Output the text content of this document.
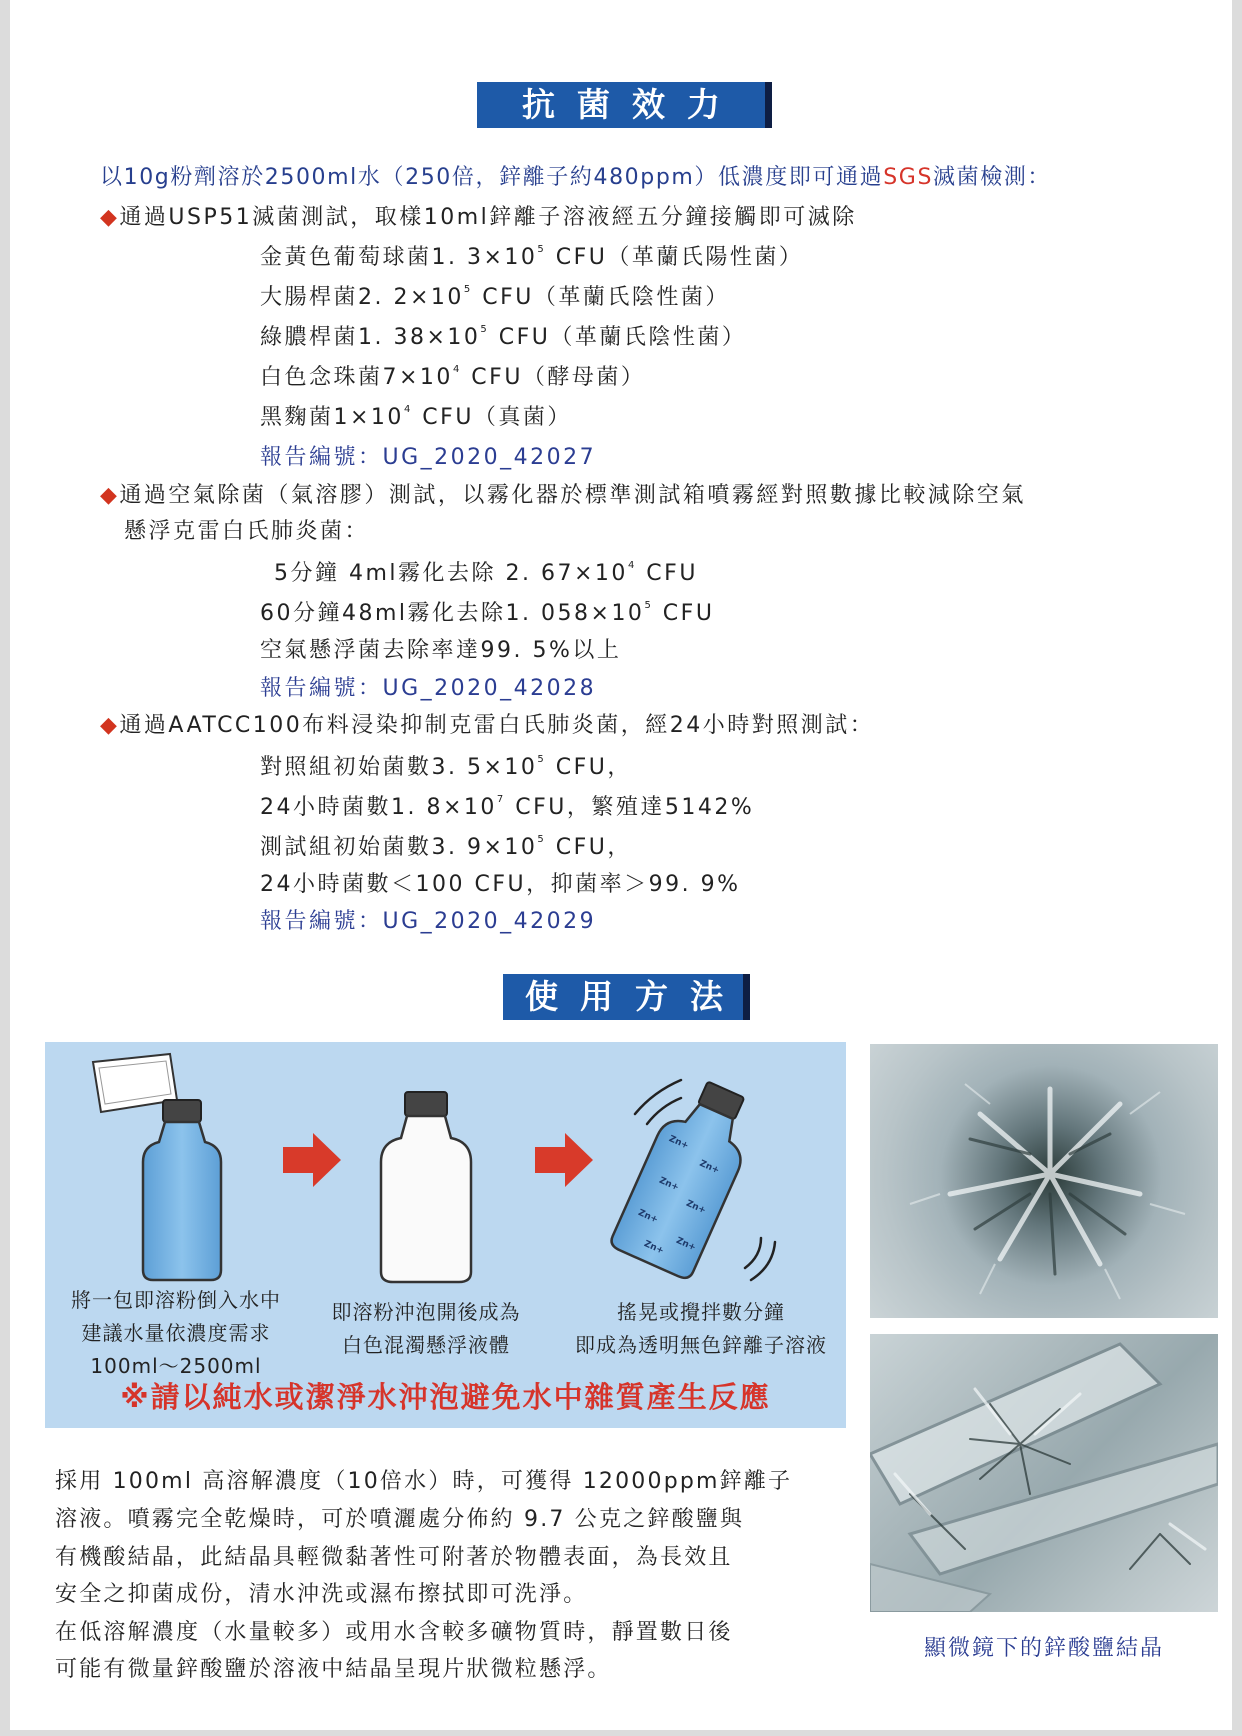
抗菌效力
以10g粉劑溶於2500ml水（250倍，鋅離子約480ppm）低濃度即可通過SGS滅菌檢測：
◆通過USP51滅菌測試，取樣10ml鋅離子溶液經五分鐘接觸即可滅除
金黃色葡萄球菌1. $3\times 10^5$ CFU（革蘭氏陽性菌）
大腸桿菌2. $2\times 10^5$ CFU（革蘭氏陰性菌）
綠膿桿菌1. $38\times 10^5$ CFU（革蘭氏陰性菌）
白色念珠菌$7\times 10^4$ CFU（酵母菌）
黑麴菌$1\times 10^4$ CFU（真菌）
報告編號：UG_2020_42027
◆通過空氣除菌（氣溶膠）測試，以霧化器於標準測試箱噴霧經對照數據比較減除空氣
懸浮克雷白氏肺炎菌：
5分鐘 4ml霧化去除 2. $67\times 10^4$ CFU
60分鐘48ml霧化去除1. $058\times 10^5$ CFU
空氣懸浮菌去除率達99. 5%以上
報告編號：UG_2020_42028
◆通過AATCC100布料浸染抑制克雷白氏肺炎菌，經24小時對照測試：
對照組初始菌數3. $5\times 10^5$ CFU，
24小時菌數1. $8\times 10^7$ CFU，繁殖達5142%
測試組初始菌數3. $9\times 10^5$ CFU，
24小時菌數＜100 CFU，抑菌率＞99. 9%
報告編號：UG_2020_42029
使用方法
Zn+
Zn+
Zn+
Zn+
Zn+
Zn+
Zn+
將一包即溶粉倒入水中
建議水量依濃度需求
100ml～2500ml
即溶粉沖泡開後成為
白色混濁懸浮液體
搖晃或攪拌數分鐘
即成為透明無色鋅離子溶液
※請以純水或潔淨水沖泡避免水中雜質產生反應
採用 100ml 高溶解濃度（10倍水）時，可獲得 12000ppm鋅離子
溶液。噴霧完全乾燥時，可於噴灑處分佈約 9.7 公克之鋅酸鹽與
有機酸結晶，此結晶具輕微黏著性可附著於物體表面，為長效且
安全之抑菌成份，清水沖洗或濕布擦拭即可洗淨。
在低溶解濃度（水量較多）或用水含較多礦物質時，靜置數日後
可能有微量鋅酸鹽於溶液中結晶呈現片狀微粒懸浮。
顯微鏡下的鋅酸鹽結晶
